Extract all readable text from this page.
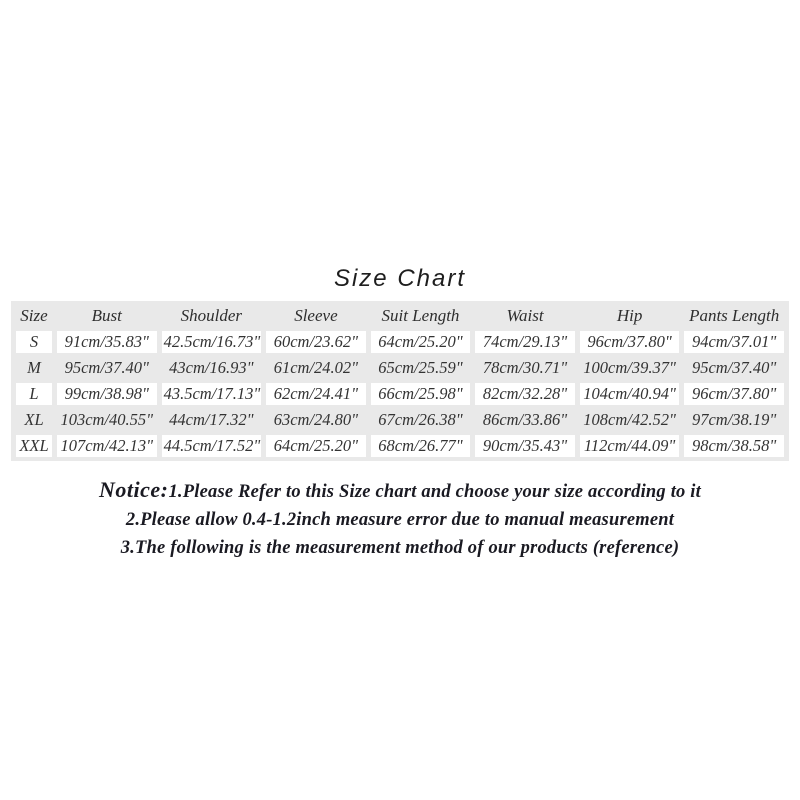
Size Chart
Size	Bust	Shoulder	Sleeve	Suit Length	Waist	Hip	Pants Length
S	91cm/35.83"	42.5cm/16.73"	60cm/23.62"	64cm/25.20"	74cm/29.13"	96cm/37.80"	94cm/37.01"
M	95cm/37.40"	43cm/16.93"	61cm/24.02"	65cm/25.59"	78cm/30.71"	100cm/39.37"	95cm/37.40"
L	99cm/38.98"	43.5cm/17.13"	62cm/24.41"	66cm/25.98"	82cm/32.28"	104cm/40.94"	96cm/37.80"
XL	103cm/40.55"	44cm/17.32"	63cm/24.80"	67cm/26.38"	86cm/33.86"	108cm/42.52"	97cm/38.19"
XXL	107cm/42.13"	44.5cm/17.52"	64cm/25.20"	68cm/26.77"	90cm/35.43"	112cm/44.09"	98cm/38.58"
Notice:1.Please Refer to this Size chart and choose your size according to it
2.Please allow 0.4-1.2inch measure error due to manual measurement
3.The following is the measurement method of our products (reference)
